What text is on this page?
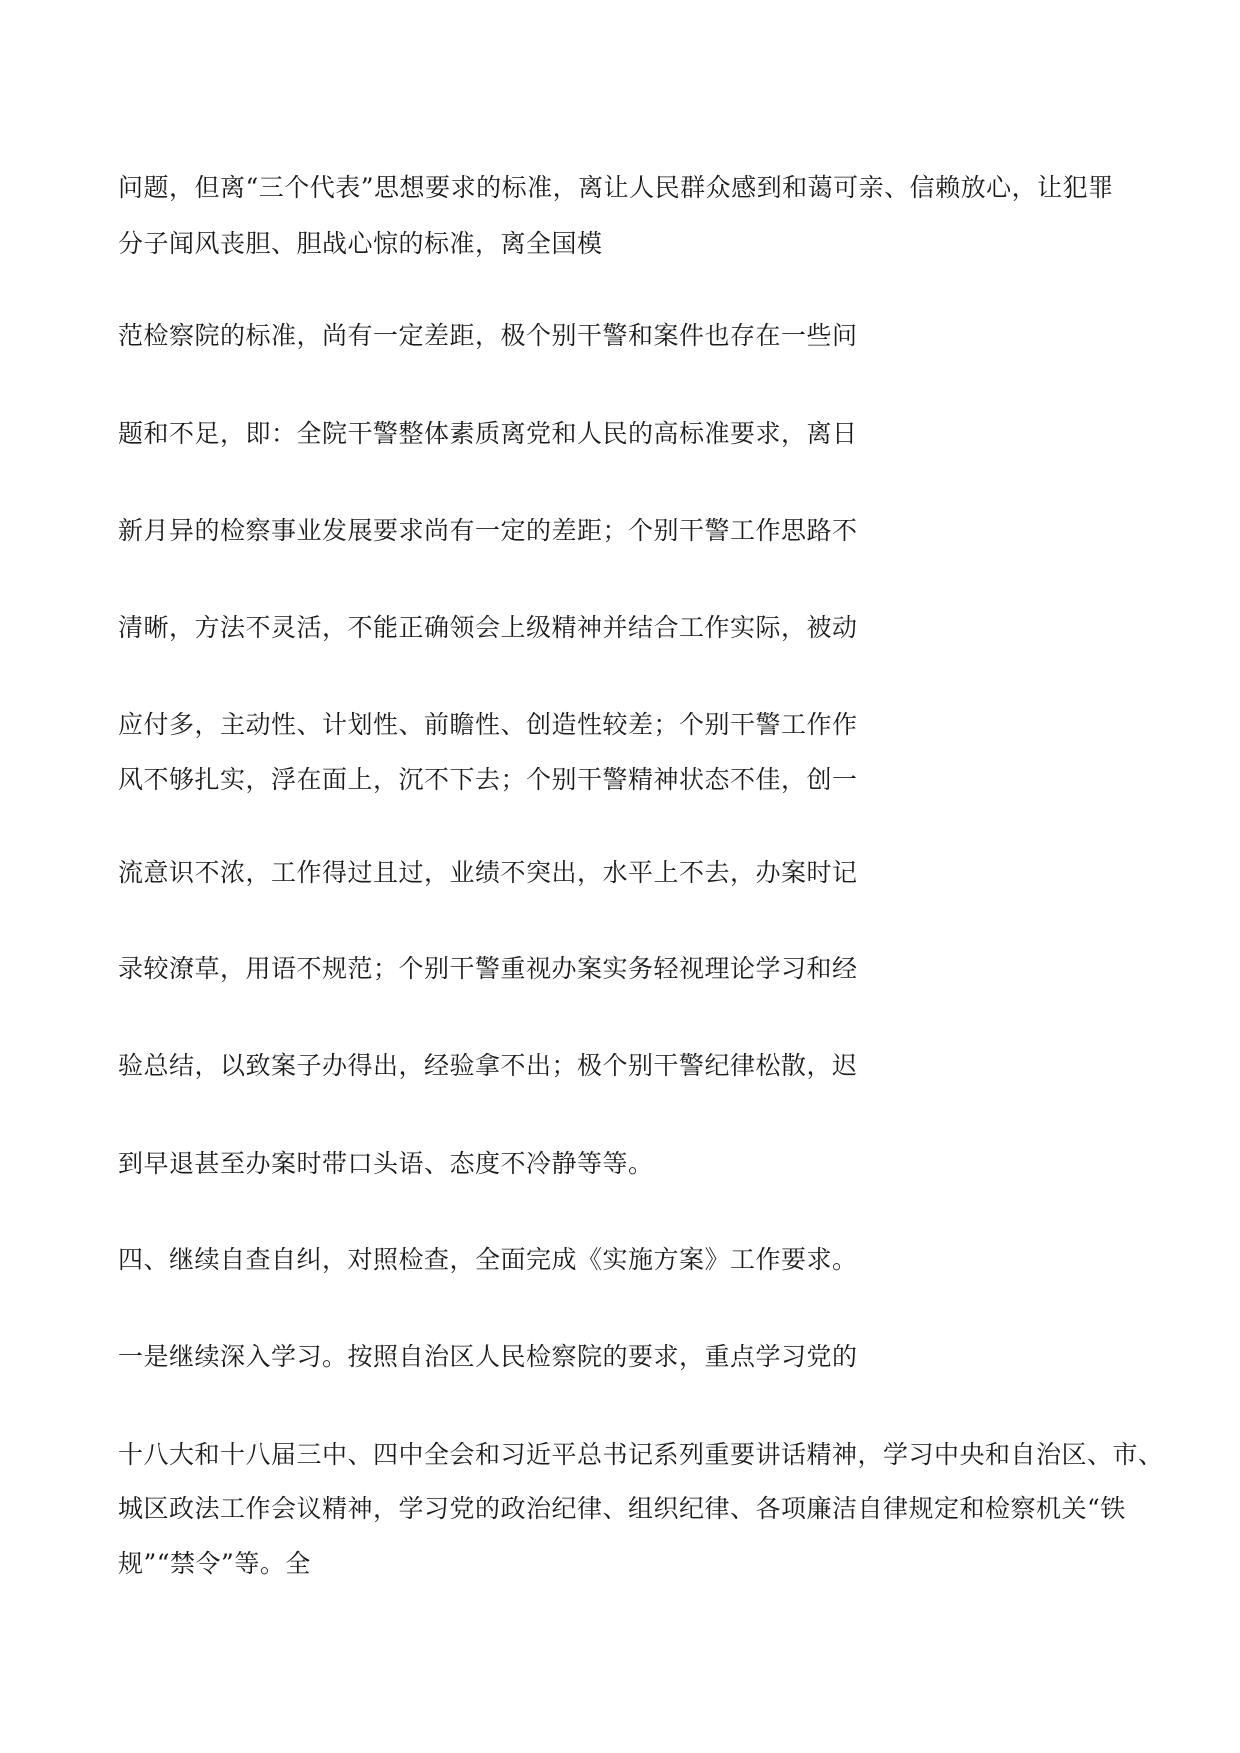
问题，但离“三个代表”思想要求的标准，离让人民群众感到和蔼可亲、信赖放心，让犯罪
分子闻风丧胆、胆战心惊的标准，离全国模
范检察院的标准，尚有一定差距，极个别干警和案件也存在一些问
题和不足，即：全院干警整体素质离党和人民的高标准要求，离日
新月异的检察事业发展要求尚有一定的差距；个别干警工作思路不
清晰，方法不灵活，不能正确领会上级精神并结合工作实际，被动
应付多，主动性、计划性、前瞻性、创造性较差；个别干警工作作
风不够扎实，浮在面上，沉不下去；个别干警精神状态不佳，创一
流意识不浓，工作得过且过，业绩不突出，水平上不去，办案时记
录较潦草，用语不规范；个别干警重视办案实务轻视理论学习和经
验总结，以致案子办得出，经验拿不出；极个别干警纪律松散，迟
到早退甚至办案时带口头语、态度不冷静等等。
四、继续自查自纠，对照检查，全面完成《实施方案》工作要求。
一是继续深入学习。按照自治区人民检察院的要求，重点学习党的
十八大和十八届三中、四中全会和习近平总书记系列重要讲话精神，学习中央和自治区、市、
城区政法工作会议精神，学习党的政治纪律、组织纪律、各项廉洁自律规定和检察机关“铁
规”“禁令”等。全
